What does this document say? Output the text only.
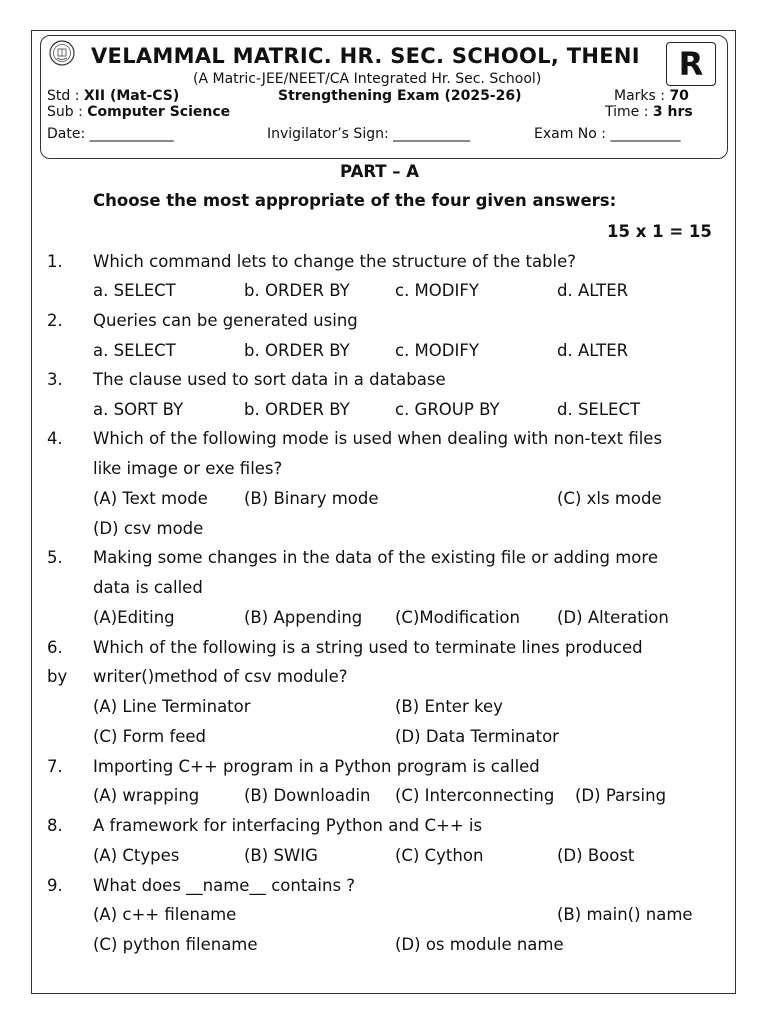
VELAMMAL MATRIC. HR. SEC. SCHOOL, THENI	R
(A Matric-JEE/NEET/CA Integrated Hr. Sec. School)
Std : XII (Mat-CS)	Strengthening Exam (2025-26)	Marks : 70
Sub : Computer Science	Time : 3 hrs
Date: ____________	Invigilator’s Sign: ___________	Exam No : __________
PART – A
Choose the most appropriate of the four given answers:
15 x 1 = 15
1. Which command lets to change the structure of the table?
a. SELECT	b. ORDER BY	c. MODIFY	d. ALTER
2. Queries can be generated using
a. SELECT	b. ORDER BY	c. MODIFY	d. ALTER
3. The clause used to sort data in a database
a. SORT BY	b. ORDER BY	c. GROUP BY	d. SELECT
4. Which of the following mode is used when dealing with non-text files
like image or exe files?
(A) Text mode (B) Binary mode	(C) xls mode
(D) csv mode
5. Making some changes in the data of the existing file or adding more
data is called
(A)Editing	(B) Appending (C)Modification (D) Alteration
6. Which of the following is a string used to terminate lines produced
by writer()method of csv module?
(A) Line Terminator	(B) Enter key
(C) Form feed	(D) Data Terminator
7. Importing C++ program in a Python program is called
(A) wrapping	(B) Downloadin (C) Interconnecting (D) Parsing
8. A framework for interfacing Python and C++ is
(A) Ctypes	(B) SWIG	(C) Cython	(D) Boost
9. What does __name__ contains ?
(A) c++ filename	(B) main() name
(C) python filename	(D) os module name
